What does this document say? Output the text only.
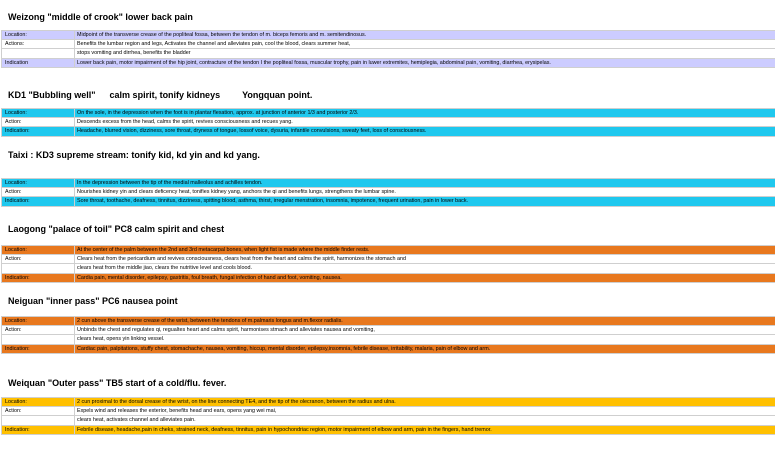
Weizong "middle of crook" lower back pain
Location:	Midpoint of the transverse crease of the popliteal fossa, between the tendon of m. biceps femoris and m. semitendinosus.
Actions:	Benefits the lumbar region and legs, Activates the channel and alleviates pain, cool the blood, clears summer heat,
stops vomiting and dirrhea, benefits the bladder
Indication	Lower back pain, motor impairment of the hip joint, contracture of the tendon I the popliteal fossa, muscular trophy, pain in luwer extremites, hemiplegia, abdominal pain, vomiting, diarrhea, erysipelas.
KD1 "Bubbling well" calm spirit, tonify kidneys Yongquan point.
Location:	On the sole, in the depression when the foot is in plantar flexation, approx. at junction of anterior 1/3 and posterior 2/3.
Action:	Descends excess from the head, calms the spirit, revives consciousness and recues yang.
Indication:	Headache, blurred vision, dizziness, sore throat, dryness of tongue, lossof voice, dysuria, infantile convulsions, sweaty feet, loss of consciousness.
Taixi : KD3 supreme stream: tonify kid, kd yin and kd yang.
Location:	In the depression between the tip of the medial malleolus and achilles tendon.
Action:	Nourishes kidney yin and clears deficency heat, tonifies kidney yang, anchors the qi and benefits lungs, strengthens the lumbar spine.
Indication:	Sore throat, toothache, deafness, tinnitus, dizziness, spitting blood, asthma, thirst, irregular menstration, insomnia, impotence, frequent urination, pain in lower back.
Laogong "palace of toil" PC8 calm spirit and chest
Location:	At the center of the palm between the 2nd and 3rd metacarpal bones, when light fist is made where the middle finder rests.
Action:	Clears heat from the pericardium and revives consciousness, clears heat from the heart and calms the spirit, harmonizes the stomach and
clears heat from the middle jiao, clears the nutritive level and cools blood.
Indication:	Cardia pain, mental disorder, epilepsy, gastritis, foul breath, fungal infection of hand and foot, vomiting, nausea.
Neiguan "inner pass" PC6 nausea point
Location:	2 cun above the transverse crease of the wrist, between the tendons of m.palmaris longus and m.flexor radialis.
Action:	Unbinds the chest and regulates qi, regualtes heart and calms spirit, harmonises stmach and alleviates nausea and vomiting,
clears heat, opens yin linking vessel.
Indication:	Cardiac pain, palpitations, stuffy chest, stomachache, nausea, vomiting, hiccup, mental disorder, epilepsy,insomnia, febrile disease, irritability, malaria, pain of elbow and arm.
Weiquan "Outer pass" TB5 start of a cold/flu. fever.
Location:	2 cun proximal to the dorsal crease of the wrist, on the line connecting TE4, and the tip of the olecranon, between the radius and ulna.
Action:	Expels wind and releases the exterior, benefits head and ears, opens yang wei mai,
clears heat, activates channel and alleviates pain.
Indication:	Febrile disease, headache,pain in cheks, strained neck, deafness, tinnitus, pain in hypochondriac region, motor impairment of elbow and arm, pain in the fingers, hand tremor.
